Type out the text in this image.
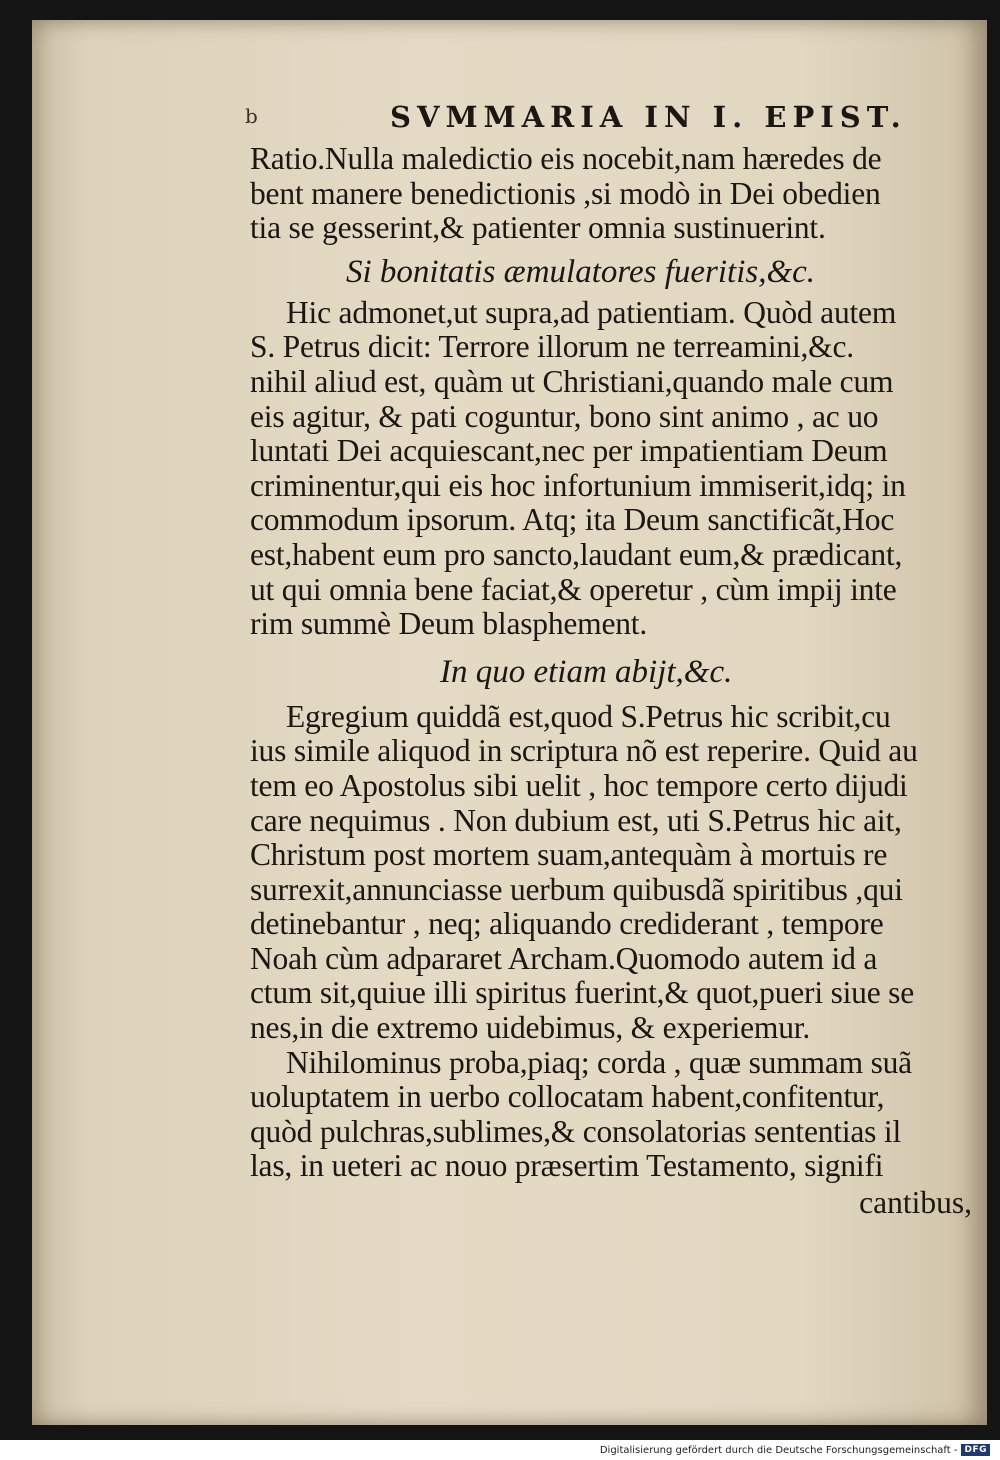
b	SVMMARIA IN I. EPIST.
Ratio.Nulla maledictio eis nocebit,nam hæredes de
bent manere benedictionis ,si modò in Dei obedien
tia se gesserint,& patienter omnia sustinuerint.
Si bonitatis æmulatores fueritis,&c.
Hic admonet,ut supra,ad patientiam. Quòd autem
S. Petrus dicit: Terrore illorum ne terreamini,&c.
nihil aliud est, quàm ut Christiani,quando male cum
eis agitur, & pati coguntur, bono sint animo , ac uo
luntati Dei acquiescant,nec per impatientiam Deum
criminentur,qui eis hoc infortunium immiserit,idq; in
commodum ipsorum. Atq; ita Deum sanctificãt,Hoc
est,habent eum pro sancto,laudant eum,& prædicant,
ut qui omnia bene faciat,& operetur , cùm impij inte
rim summè Deum blasphement.
In quo etiam abijt,&c.
Egregium quiddã est,quod S.Petrus hic scribit,cu
ius simile aliquod in scriptura nõ est reperire. Quid au
tem eo Apostolus sibi uelit , hoc tempore certo dijudi
care nequimus . Non dubium est, uti S.Petrus hic ait,
Christum post mortem suam,antequàm à mortuis re
surrexit,annunciasse uerbum quibusdã spiritibus ,qui
detinebantur , neq; aliquando crediderant , tempore
Noah cùm adpararet Archam.Quomodo autem id a
ctum sit,quiue illi spiritus fuerint,& quot,pueri siue se
nes,in die extremo uidebimus, & experiemur.
Nihilominus proba,piaq; corda , quæ summam suã
uoluptatem in uerbo collocatam habent,confitentur,
quòd pulchras,sublimes,& consolatorias sententias il
las, in ueteri ac nouo præsertim Testamento, signifi
cantibus,
Digitalisierung gefördert durch die Deutsche Forschungsgemeinschaft - DFG
